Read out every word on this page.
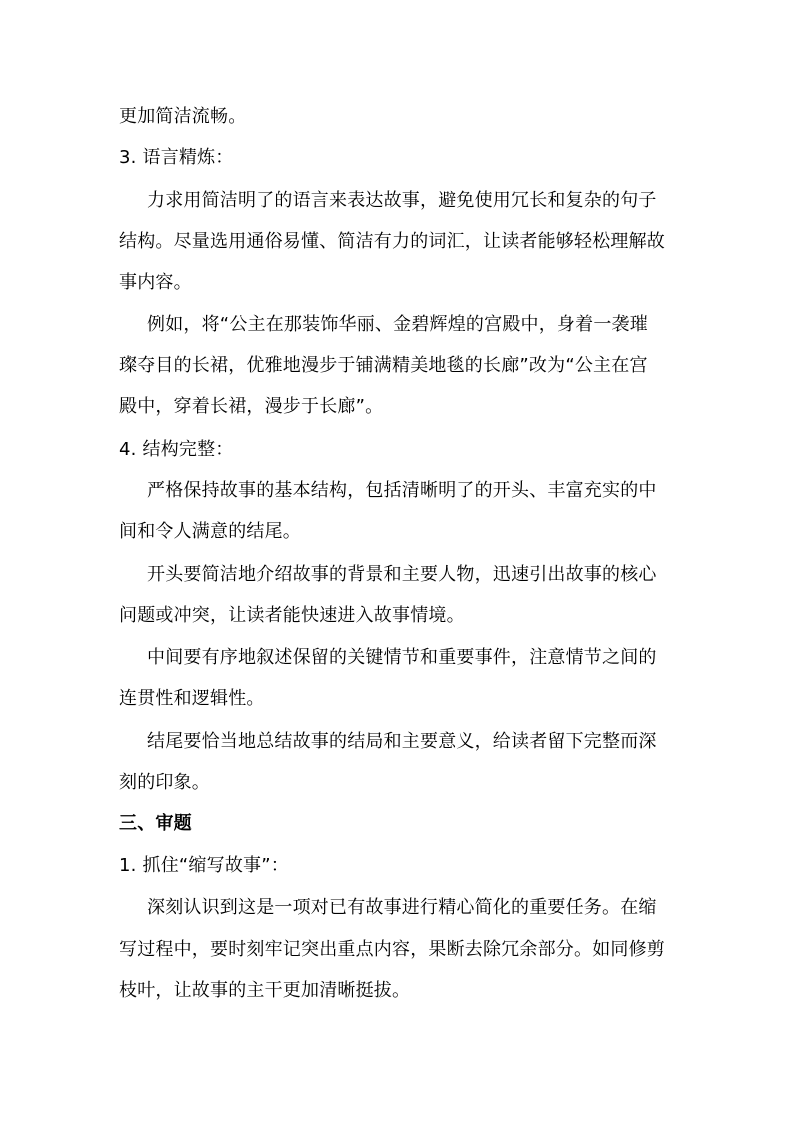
更加简洁流畅。
3. 语言精炼：
力求用简洁明了的语言来表达故事，避免使用冗长和复杂的句子
结构。尽量选用通俗易懂、简洁有力的词汇，让读者能够轻松理解故
事内容。
例如，将“公主在那装饰华丽、金碧辉煌的宫殿中，身着一袭璀
璨夺目的长裙，优雅地漫步于铺满精美地毯的长廊”改为“公主在宫
殿中，穿着长裙，漫步于长廊”。
4. 结构完整：
严格保持故事的基本结构，包括清晰明了的开头、丰富充实的中
间和令人满意的结尾。
开头要简洁地介绍故事的背景和主要人物，迅速引出故事的核心
问题或冲突，让读者能快速进入故事情境。
中间要有序地叙述保留的关键情节和重要事件，注意情节之间的
连贯性和逻辑性。
结尾要恰当地总结故事的结局和主要意义，给读者留下完整而深
刻的印象。
三、审题
1. 抓住“缩写故事”：
深刻认识到这是一项对已有故事进行精心简化的重要任务。在缩
写过程中，要时刻牢记突出重点内容，果断去除冗余部分。如同修剪
枝叶，让故事的主干更加清晰挺拔。
